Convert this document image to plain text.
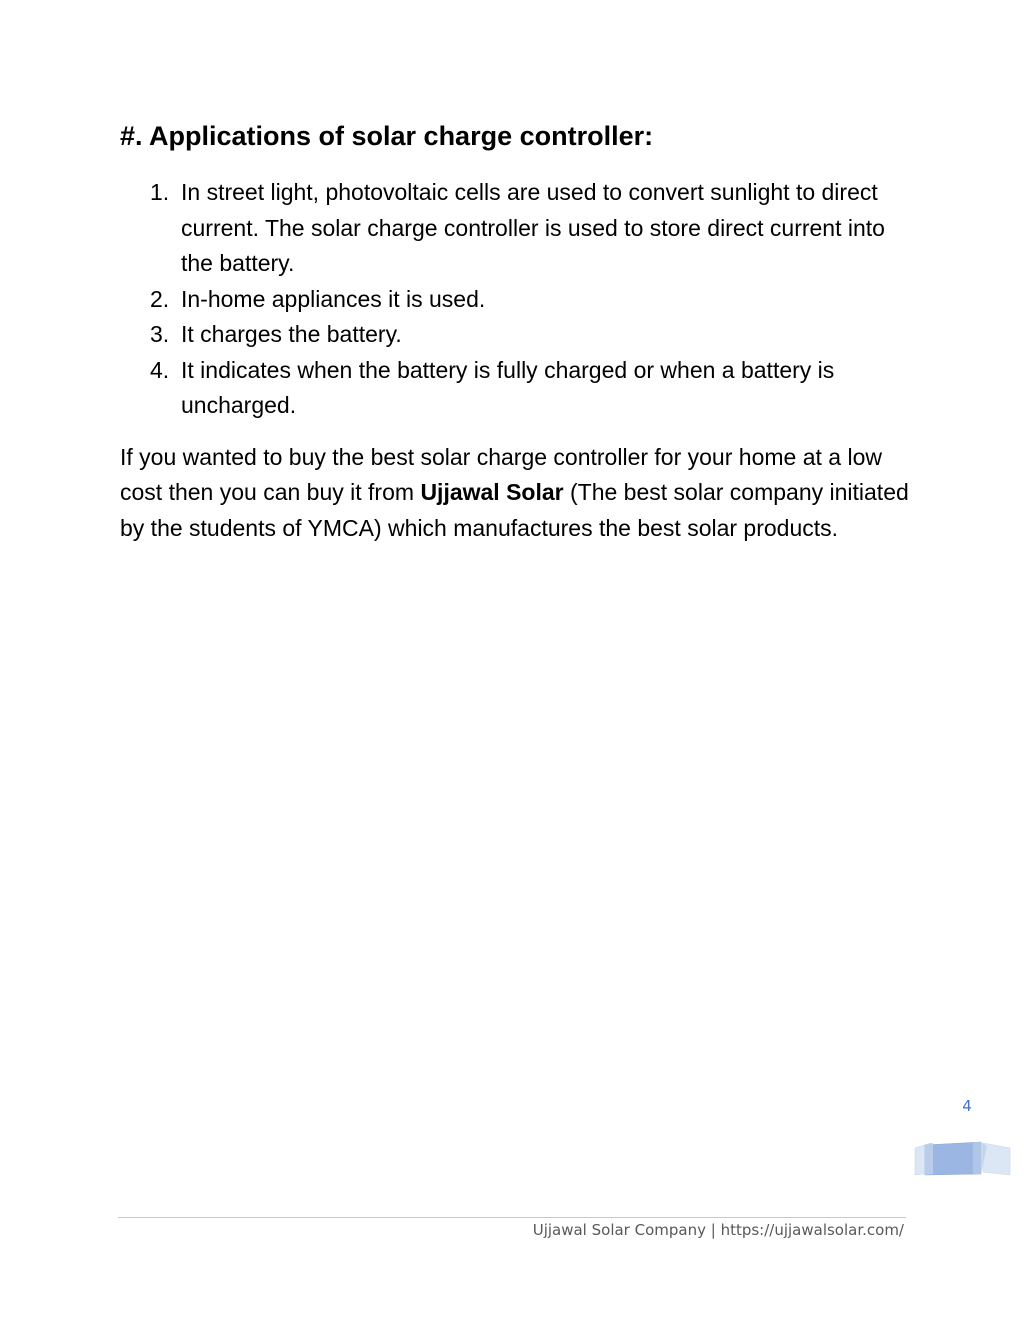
#. Applications of solar charge controller:
1. In street light, photovoltaic cells are used to convert sunlight to direct current. The solar charge controller is used to store direct current into the battery.
2. In-home appliances it is used.
3. It charges the battery.
4. It indicates when the battery is fully charged or when a battery is uncharged.

If you wanted to buy the best solar charge controller for your home at a low cost then you can buy it from Ujjawal Solar (The best solar company initiated by the students of YMCA) which manufactures the best solar products.

4
Ujjawal Solar Company | https://ujjawalsolar.com/
